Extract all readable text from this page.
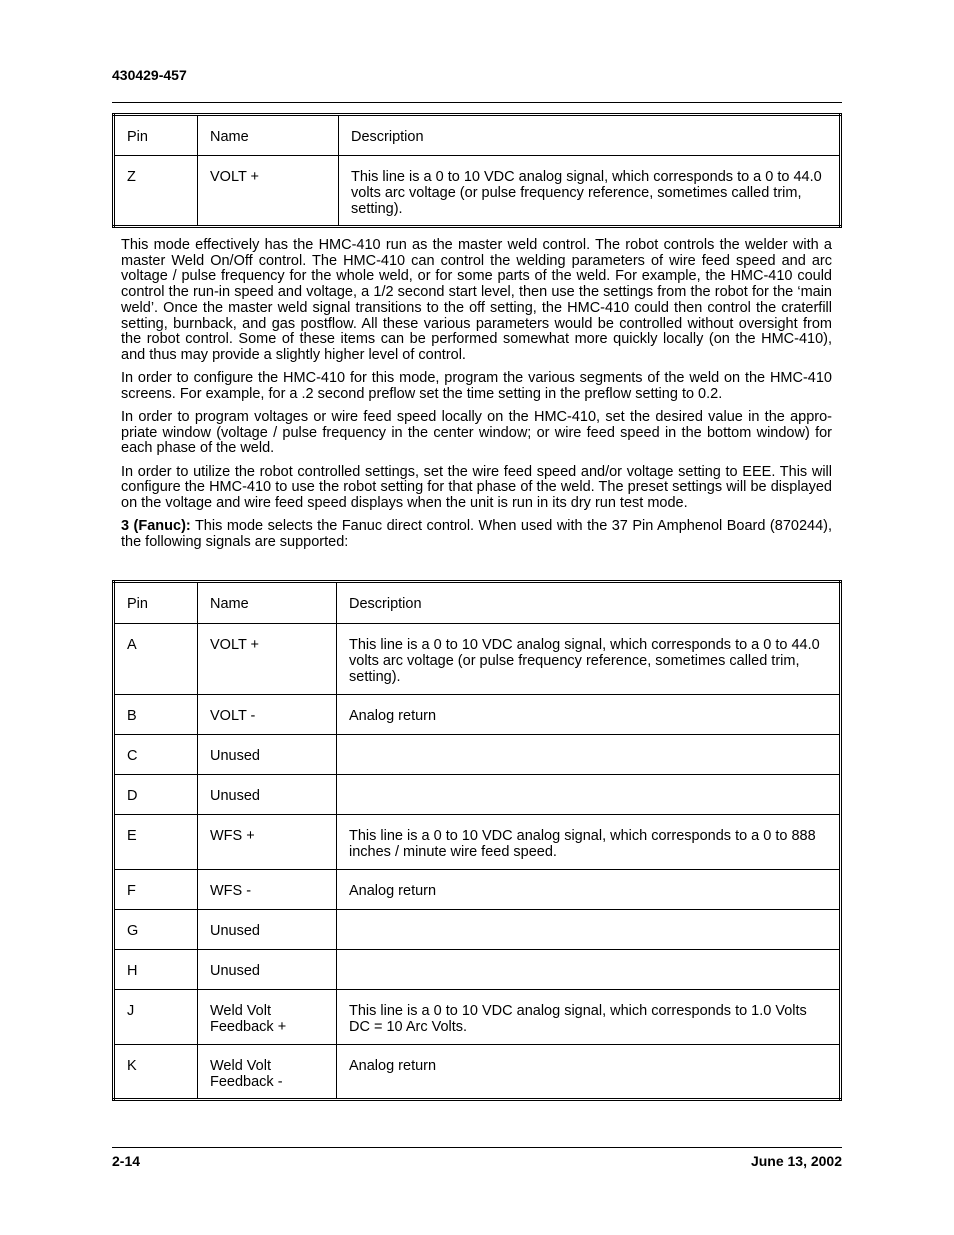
430429-457
Pin	Name	Description
Z	VOLT +	This line is a 0 to 10 VDC analog signal, which corresponds to a 0 to 44.0 volts arc voltage (or pulse frequency reference, sometimes called trim, setting).

This mode effectively has the HMC-410 run as the master weld control. The robot controls the welder with a master Weld On/Off control. The HMC-410 can control the welding parameters of wire feed speed and arc voltage / pulse frequency for the whole weld, or for some parts of the weld. For example, the HMC-410 could control the run-in speed and voltage, a 1/2 second start level, then use the settings from the robot for the ‘main weld’. Once the master weld signal transitions to the off setting, the HMC-410 could then control the craterfill setting, burnback, and gas postflow. All these various parameters would be controlled without oversight from the robot control. Some of these items can be performed somewhat more quickly locally (on the HMC-410), and thus may provide a slightly higher level of control.

In order to configure the HMC-410 for this mode, program the various segments of the weld on the HMC-410 screens. For example, for a .2 second preflow set the time setting in the preflow setting to 0.2.

In order to program voltages or wire feed speed locally on the HMC-410, set the desired value in the appro-priate window (voltage / pulse frequency in the center window; or wire feed speed in the bottom window) for each phase of the weld.

In order to utilize the robot controlled settings, set the wire feed speed and/or voltage setting to EEE. This will configure the HMC-410 to use the robot setting for that phase of the weld. The preset settings will be displayed on the voltage and wire feed speed displays when the unit is run in its dry run test mode.

3 (Fanuc): This mode selects the Fanuc direct control. When used with the 37 Pin Amphenol Board (870244), the following signals are supported:

Pin	Name	Description
A	VOLT +	This line is a 0 to 10 VDC analog signal, which corresponds to a 0 to 44.0 volts arc voltage (or pulse frequency reference, sometimes called trim, setting).
B	VOLT -	Analog return
C	Unused	
D	Unused	
E	WFS +	This line is a 0 to 10 VDC analog signal, which corresponds to a 0 to 888 inches / minute wire feed speed.
F	WFS -	Analog return
G	Unused	
H	Unused	
J	Weld Volt Feedback +	This line is a 0 to 10 VDC analog signal, which corresponds to 1.0 Volts DC = 10 Arc Volts.
K	Weld Volt Feedback -	Analog return
2-14	June 13, 2002
